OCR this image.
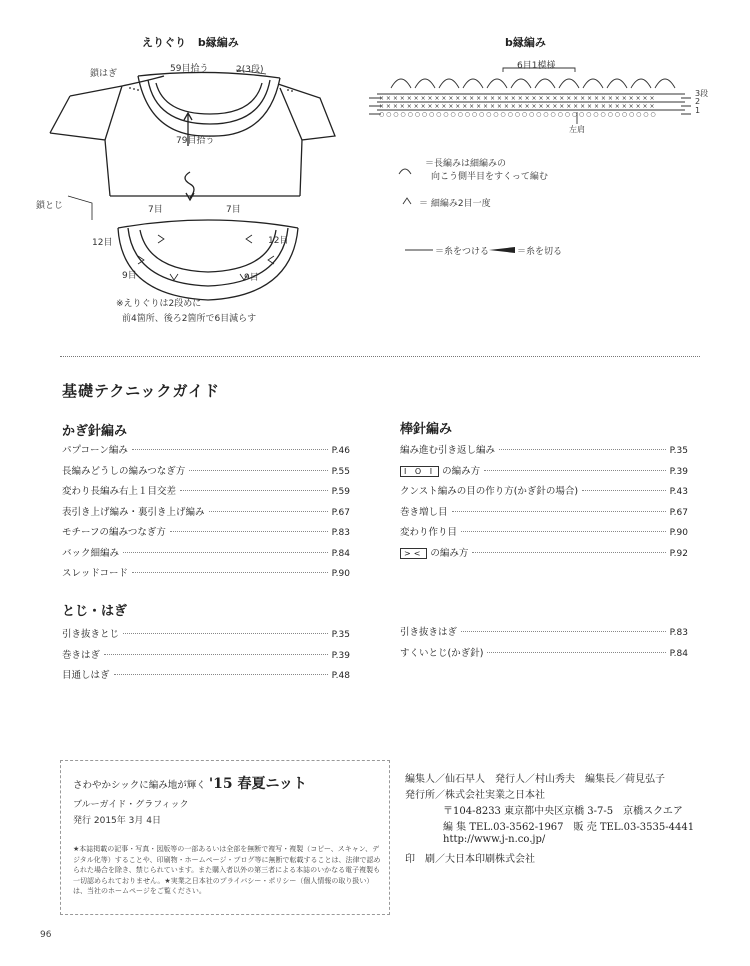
えりぐり b縁編み
59目拾う	2(3段)
79目拾う
鎖はぎ
鎖とじ	7目	7目
12目	12目
9目	9目
※えりぐりは2段めに
前4箇所、後ろ2箇所で6目減らす
b縁編み
6目1模様
× × × × × × × × × × × × × × × × × × × × × × × × × × × × × × × × × × × × × × × ×
× × × × × × × × × × × × × × × × × × × × × × × × × × × × × × × × × × × × × × × ×
○ ○ ○ ○ ○ ○ ○ ○ ○ ○ ○ ○ ○ ○ ○ ○ ○ ○ ○ ○ ○ ○ ○ ○ ○ ○ ○ ○ ○ ○ ○ ○ ○ ○ ○ ○ ○ ○ ○
3段
2
1
左肩
＝長編みは細編みの
向こう側半目をすくって編む
＝ 細編み2目一度
＝糸をつける	＝糸を切る
基礎テクニックガイド
かぎ針編み
パプコーン編み	P.46
長編みどうしの編みつなぎ方	P.55
変わり長編み右上１目交差	P.59
表引き上げ編み・裏引き上げ編み	P.67
モチーフの編みつなぎ方	P.83
バック細編み	P.84
スレッドコード	P.90
棒針編み
編み進む引き返し編み	P.35
I O I の編み方	P.39
クンスト編みの目の作り方(かぎ針の場合)	P.43
巻き増し目	P.67
変わり作り目	P.90
>< の編み方	P.92
とじ・はぎ
引き抜きとじ	P.35
巻きはぎ	P.39
目通しはぎ	P.48
引き抜きはぎ	P.83
すくいとじ(かぎ針)	P.84
さわやかシックに編み地が輝く '15 春夏ニット
ブルーガイド・グラフィック
発行 2015年 3月 4日
★本誌掲載の記事・写真・図版等の一部あるいは全部を無断で複写・複製（コピー、スキャン、デジタル化等）することや、印刷物・ホームページ・ブログ等に無断で転載することは、法律で認められた場合を除き、禁じられています。また購入者以外の第三者による本誌のいかなる電子複製も一切認められておりません。★実業之日本社のプライバシー・ポリシー（個人情報の取り扱い）は、当社のホームページをご覧ください。
編集人／仙石早人　発行人／村山秀夫　編集長／荷見弘子
発行所／株式会社実業之日本社
〒104-8233 東京都中央区京橋 3-7-5　京橋スクエア
編 集 TEL.03-3562-1967　販 売 TEL.03-3535-4441
http://www.j-n.co.jp/
印　刷／大日本印刷株式会社
96
